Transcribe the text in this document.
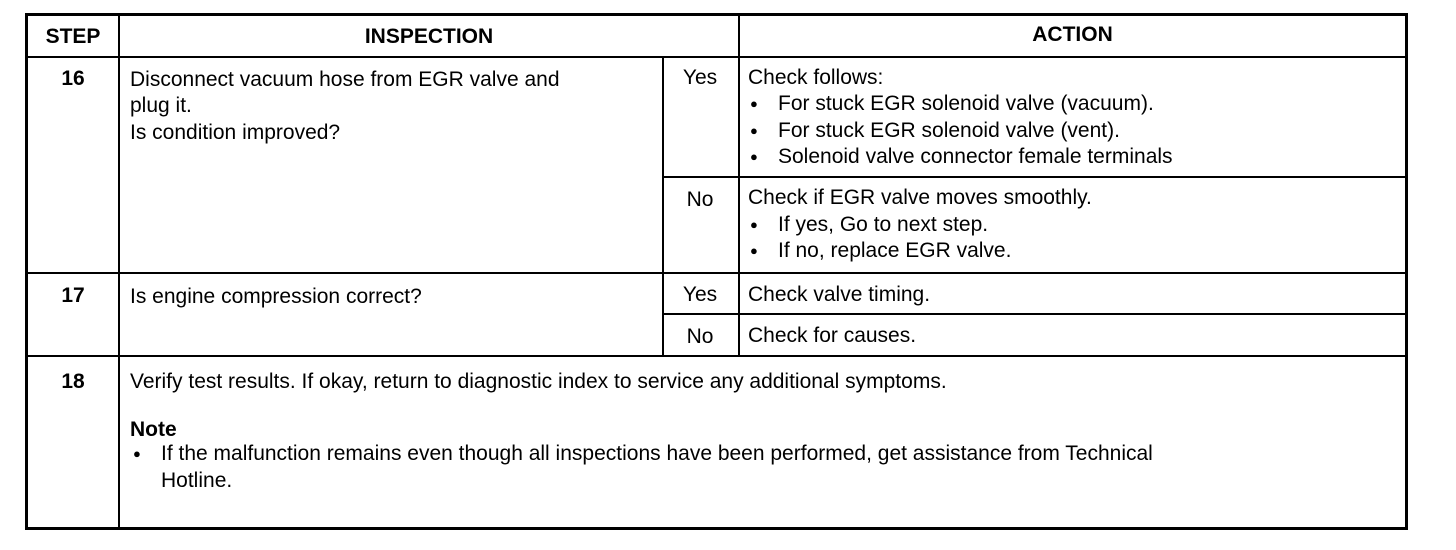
STEP	INSPECTION	ACTION
16	Disconnect vacuum hose from EGR valve and
plug it.
Is condition improved?
Yes	Check follows:
● For stuck EGR solenoid valve (vacuum).
● For stuck EGR solenoid valve (vent).
● Solenoid valve connector female terminals
No	Check if EGR valve moves smoothly.
● If yes, Go to next step.
● If no, replace EGR valve.
17	Is engine compression correct?	Yes	Check valve timing.
No	Check for causes.
18	Verify test results. If okay, return to diagnostic index to service any additional symptoms.
Note
● If the malfunction remains even though all inspections have been performed, get assistance from Technical
Hotline.
